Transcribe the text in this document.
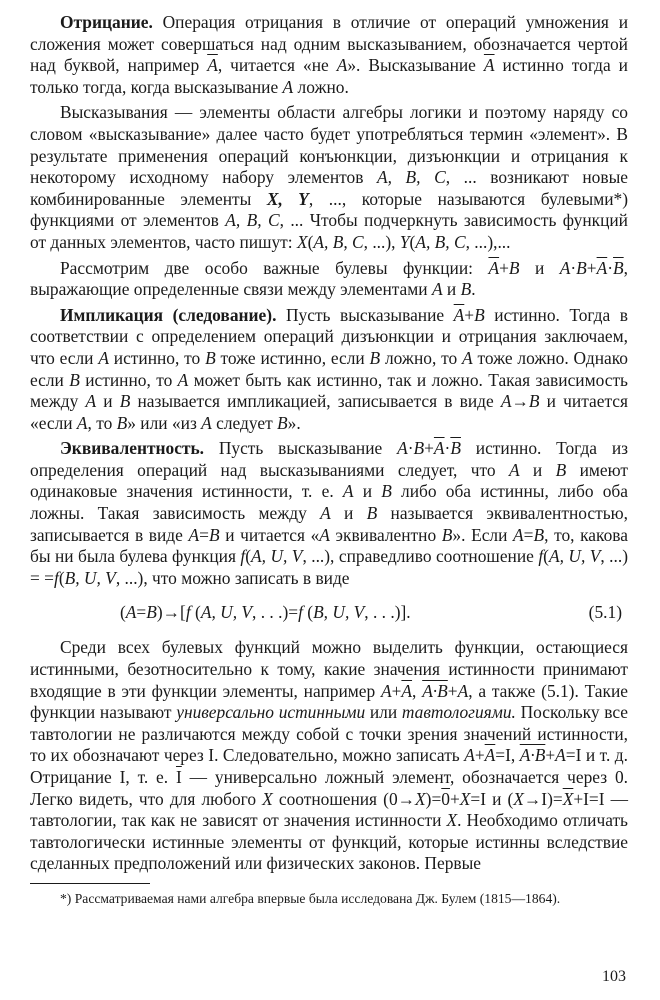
Отрицание. Операция отрицания в отличие от операций умножения и сложения может совершаться над одним высказыванием, обозначается чертой над буквой, например $\overline{A}$, читается «не A». Высказывание $\overline{A}$ истинно тогда и только тогда, когда высказывание A ложно.

Высказывания — элементы области алгебры логики и поэтому наряду со словом «высказывание» далее часто будет употребляться термин «элемент». В результате применения операций конъюнкции, дизъюнкции и отрицания к некоторому исходному набору элементов A, B, C, ... возникают новые комбинированные элементы X, Y, ..., которые называются булевыми*) функциями от элементов A, B, C, ... Чтобы подчеркнуть зависимость функций от данных элементов, часто пишут: X(A, B, C, ...), Y(A, B, C, ...),...

Рассмотрим две особо важные булевы функции: $\overline{A}+B$ и $A\cdot B+\overline{A}\cdot\overline{B}$, выражающие определенные связи между элементами A и B.

Импликация (следование). Пусть высказывание $\overline{A}+B$ истинно. Тогда в соответствии с определением операций дизъюнкции и отрицания заключаем, что если A истинно, то B тоже истинно, если B ложно, то A тоже ложно. Однако если B истинно, то A может быть как истинно, так и ложно. Такая зависимость между A и B называется импликацией, записывается в виде A→B и читается «если A, то B» или «из A следует B».

Эквивалентность. Пусть высказывание $A\cdot B+\overline{A}\cdot\overline{B}$ истинно. Тогда из определения операций над высказываниями следует, что A и B имеют одинаковые значения истинности, т. е. A и B либо оба истинны, либо оба ложны. Такая зависимость между A и B называется эквивалентностью, записывается в виде A=B и читается «A эквивалентно B». Если A=B, то, какова бы ни была булева функция f(A, U, V, ...), справедливо соотношение f(A, U, V, ...) = =f(B, U, V, ...), что можно записать в виде

(A=B)→[f (A, U, V, . . .)=f (B, U, V, . . .)].	(5.1)

Среди всех булевых функций можно выделить функции, остающиеся истинными, безотносительно к тому, какие значения истинности принимают входящие в эти функции элементы, например $A+\overline{A}$, A·B+A, а также (5.1). Такие функции называют универсально истинными или тавтологиями. Поскольку все тавтологии не различаются между собой с точки зрения значений истинности, то их обозначают через I. Следовательно, можно записать $A+\overline{A}=I$, A·B+A=I и т. д. Отрицание I, т. е. $\overline{I}$ — универсально ложный элемент, обозначается через 0. Легко видеть, что для любого X соотношения (0→X)=0+X=I и $(X\to I)=\overline{X}+I=I$ — тавтологии, так как не зависят от значения истинности X. Необходимо отличать тавтологически истинные элементы от функций, которые истинны вследствие сделанных предположений или физических законов. Первые

*) Рассматриваемая нами алгебра впервые была исследована Дж. Булем (1815—1864).

103
